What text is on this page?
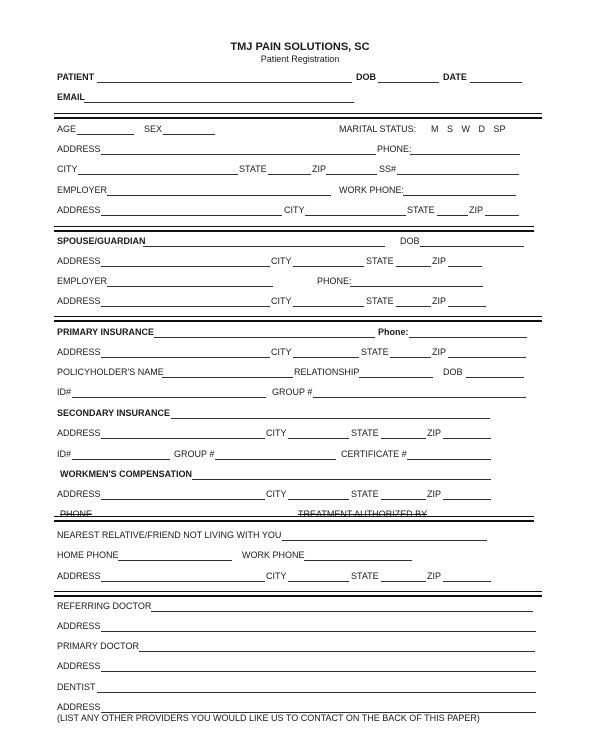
TMJ PAIN SOLUTIONS, SC
Patient Registration
PATIENT	DOB	DATE
EMAIL
AGE	SEX	MARITAL STATUS: M S W D SP
ADDRESS	PHONE:
CITY	STATE	ZIP	SS#
EMPLOYER	WORK PHONE:
ADDRESS	CITY	STATE	ZIP
SPOUSE/GUARDIAN	DOB
ADDRESS	CITY	STATE	ZIP
EMPLOYER	PHONE:
ADDRESS	CITY	STATE	ZIP
PRIMARY INSURANCE	Phone:
ADDRESS	CITY	STATE	ZIP
POLICYHOLDER'S NAME	RELATIONSHIP	DOB
ID#	GROUP #
SECONDARY INSURANCE
ADDRESS	CITY	STATE	ZIP
ID#	GROUP #	CERTIFICATE #
WORKMEN'S COMPENSATION
ADDRESS	CITY	STATE	ZIP
PHONE	TREATMENT AUTHORIZED BY
NEAREST RELATIVE/FRIEND NOT LIVING WITH YOU
HOME PHONE	WORK PHONE
ADDRESS	CITY	STATE	ZIP
REFERRING DOCTOR
ADDRESS
PRIMARY DOCTOR
ADDRESS
DENTIST
ADDRESS
(LIST ANY OTHER PROVIDERS YOU WOULD LIKE US TO CONTACT ON THE BACK OF THIS PAPER)
